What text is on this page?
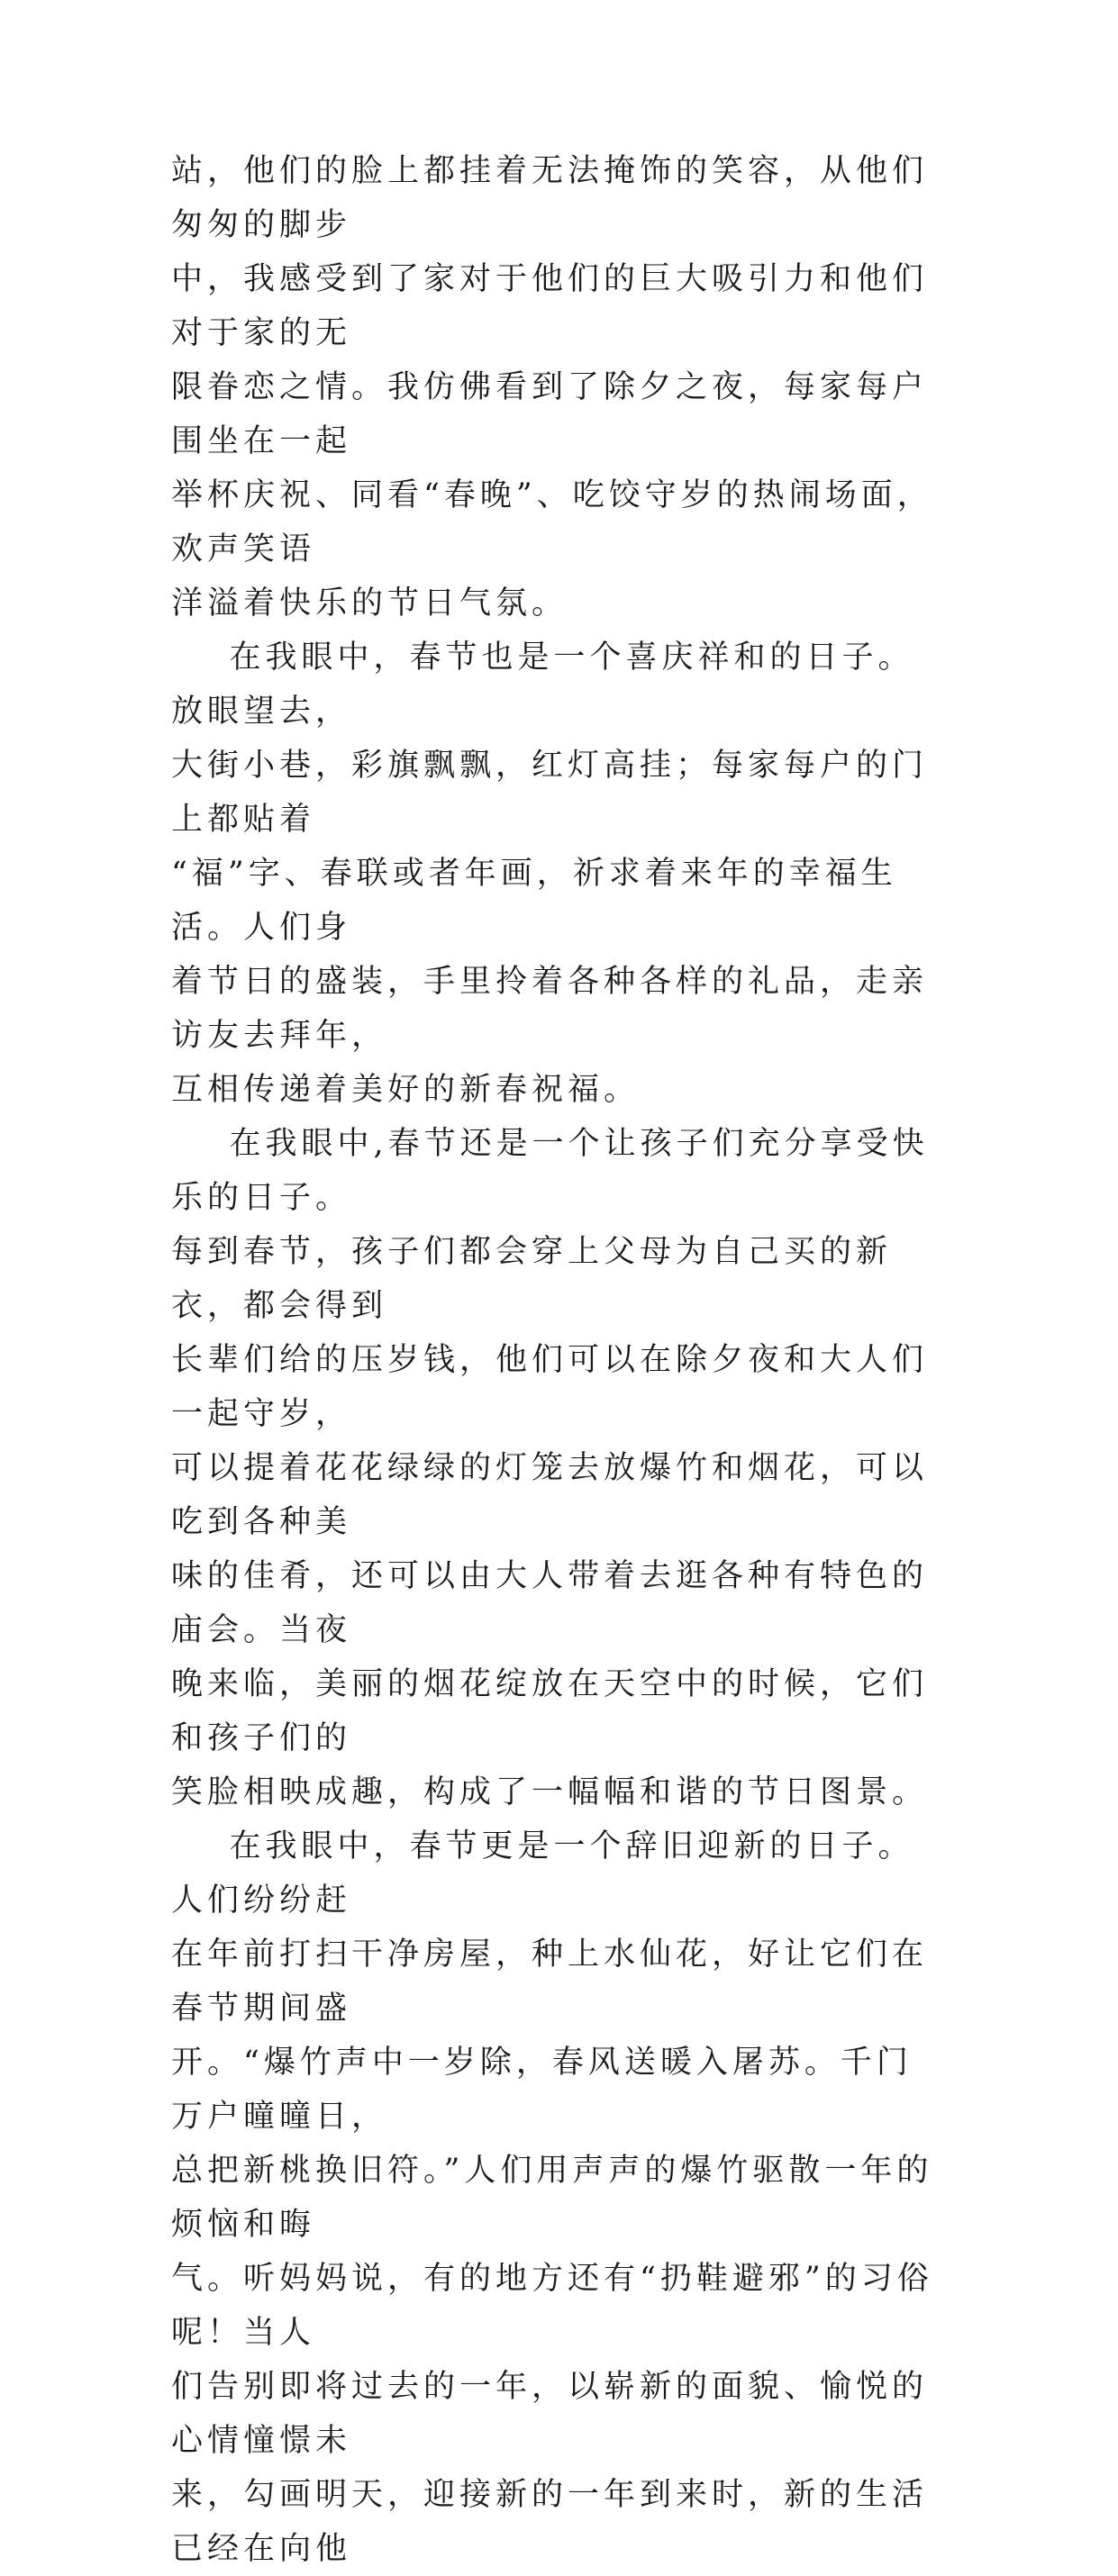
站，他们的脸上都挂着无法掩饰的笑容，从他们匆匆的脚步

中，我感受到了家对于他们的巨大吸引力和他们对于家的无

限眷恋之情。我仿佛看到了除夕之夜，每家每户围坐在一起

举杯庆祝、同看“春晚”、吃饺守岁的热闹场面，欢声笑语

洋溢着快乐的节日气氛。

在我眼中，春节也是一个喜庆祥和的日子。放眼望去，

大街小巷，彩旗飘飘，红灯高挂；每家每户的门上都贴着

“福”字、春联或者年画，祈求着来年的幸福生活。人们身

着节日的盛装，手里拎着各种各样的礼品，走亲访友去拜年，

互相传递着美好的新春祝福。

在我眼中,春节还是一个让孩子们充分享受快乐的日子。

每到春节，孩子们都会穿上父母为自己买的新衣，都会得到

长辈们给的压岁钱，他们可以在除夕夜和大人们一起守岁，

可以提着花花绿绿的灯笼去放爆竹和烟花，可以吃到各种美

味的佳肴，还可以由大人带着去逛各种有特色的庙会。当夜

晚来临，美丽的烟花绽放在天空中的时候，它们和孩子们的

笑脸相映成趣，构成了一幅幅和谐的节日图景。

在我眼中，春节更是一个辞旧迎新的日子。人们纷纷赶

在年前打扫干净房屋，种上水仙花，好让它们在春节期间盛

开。“爆竹声中一岁除，春风送暖入屠苏。千门万户曈曈日，

总把新桃换旧符。”人们用声声的爆竹驱散一年的烦恼和晦

气。听妈妈说，有的地方还有“扔鞋避邪”的习俗呢！当人

们告别即将过去的一年，以崭新的面貌、愉悦的心情憧憬未

来，勾画明天，迎接新的一年到来时，新的生活已经在向他
